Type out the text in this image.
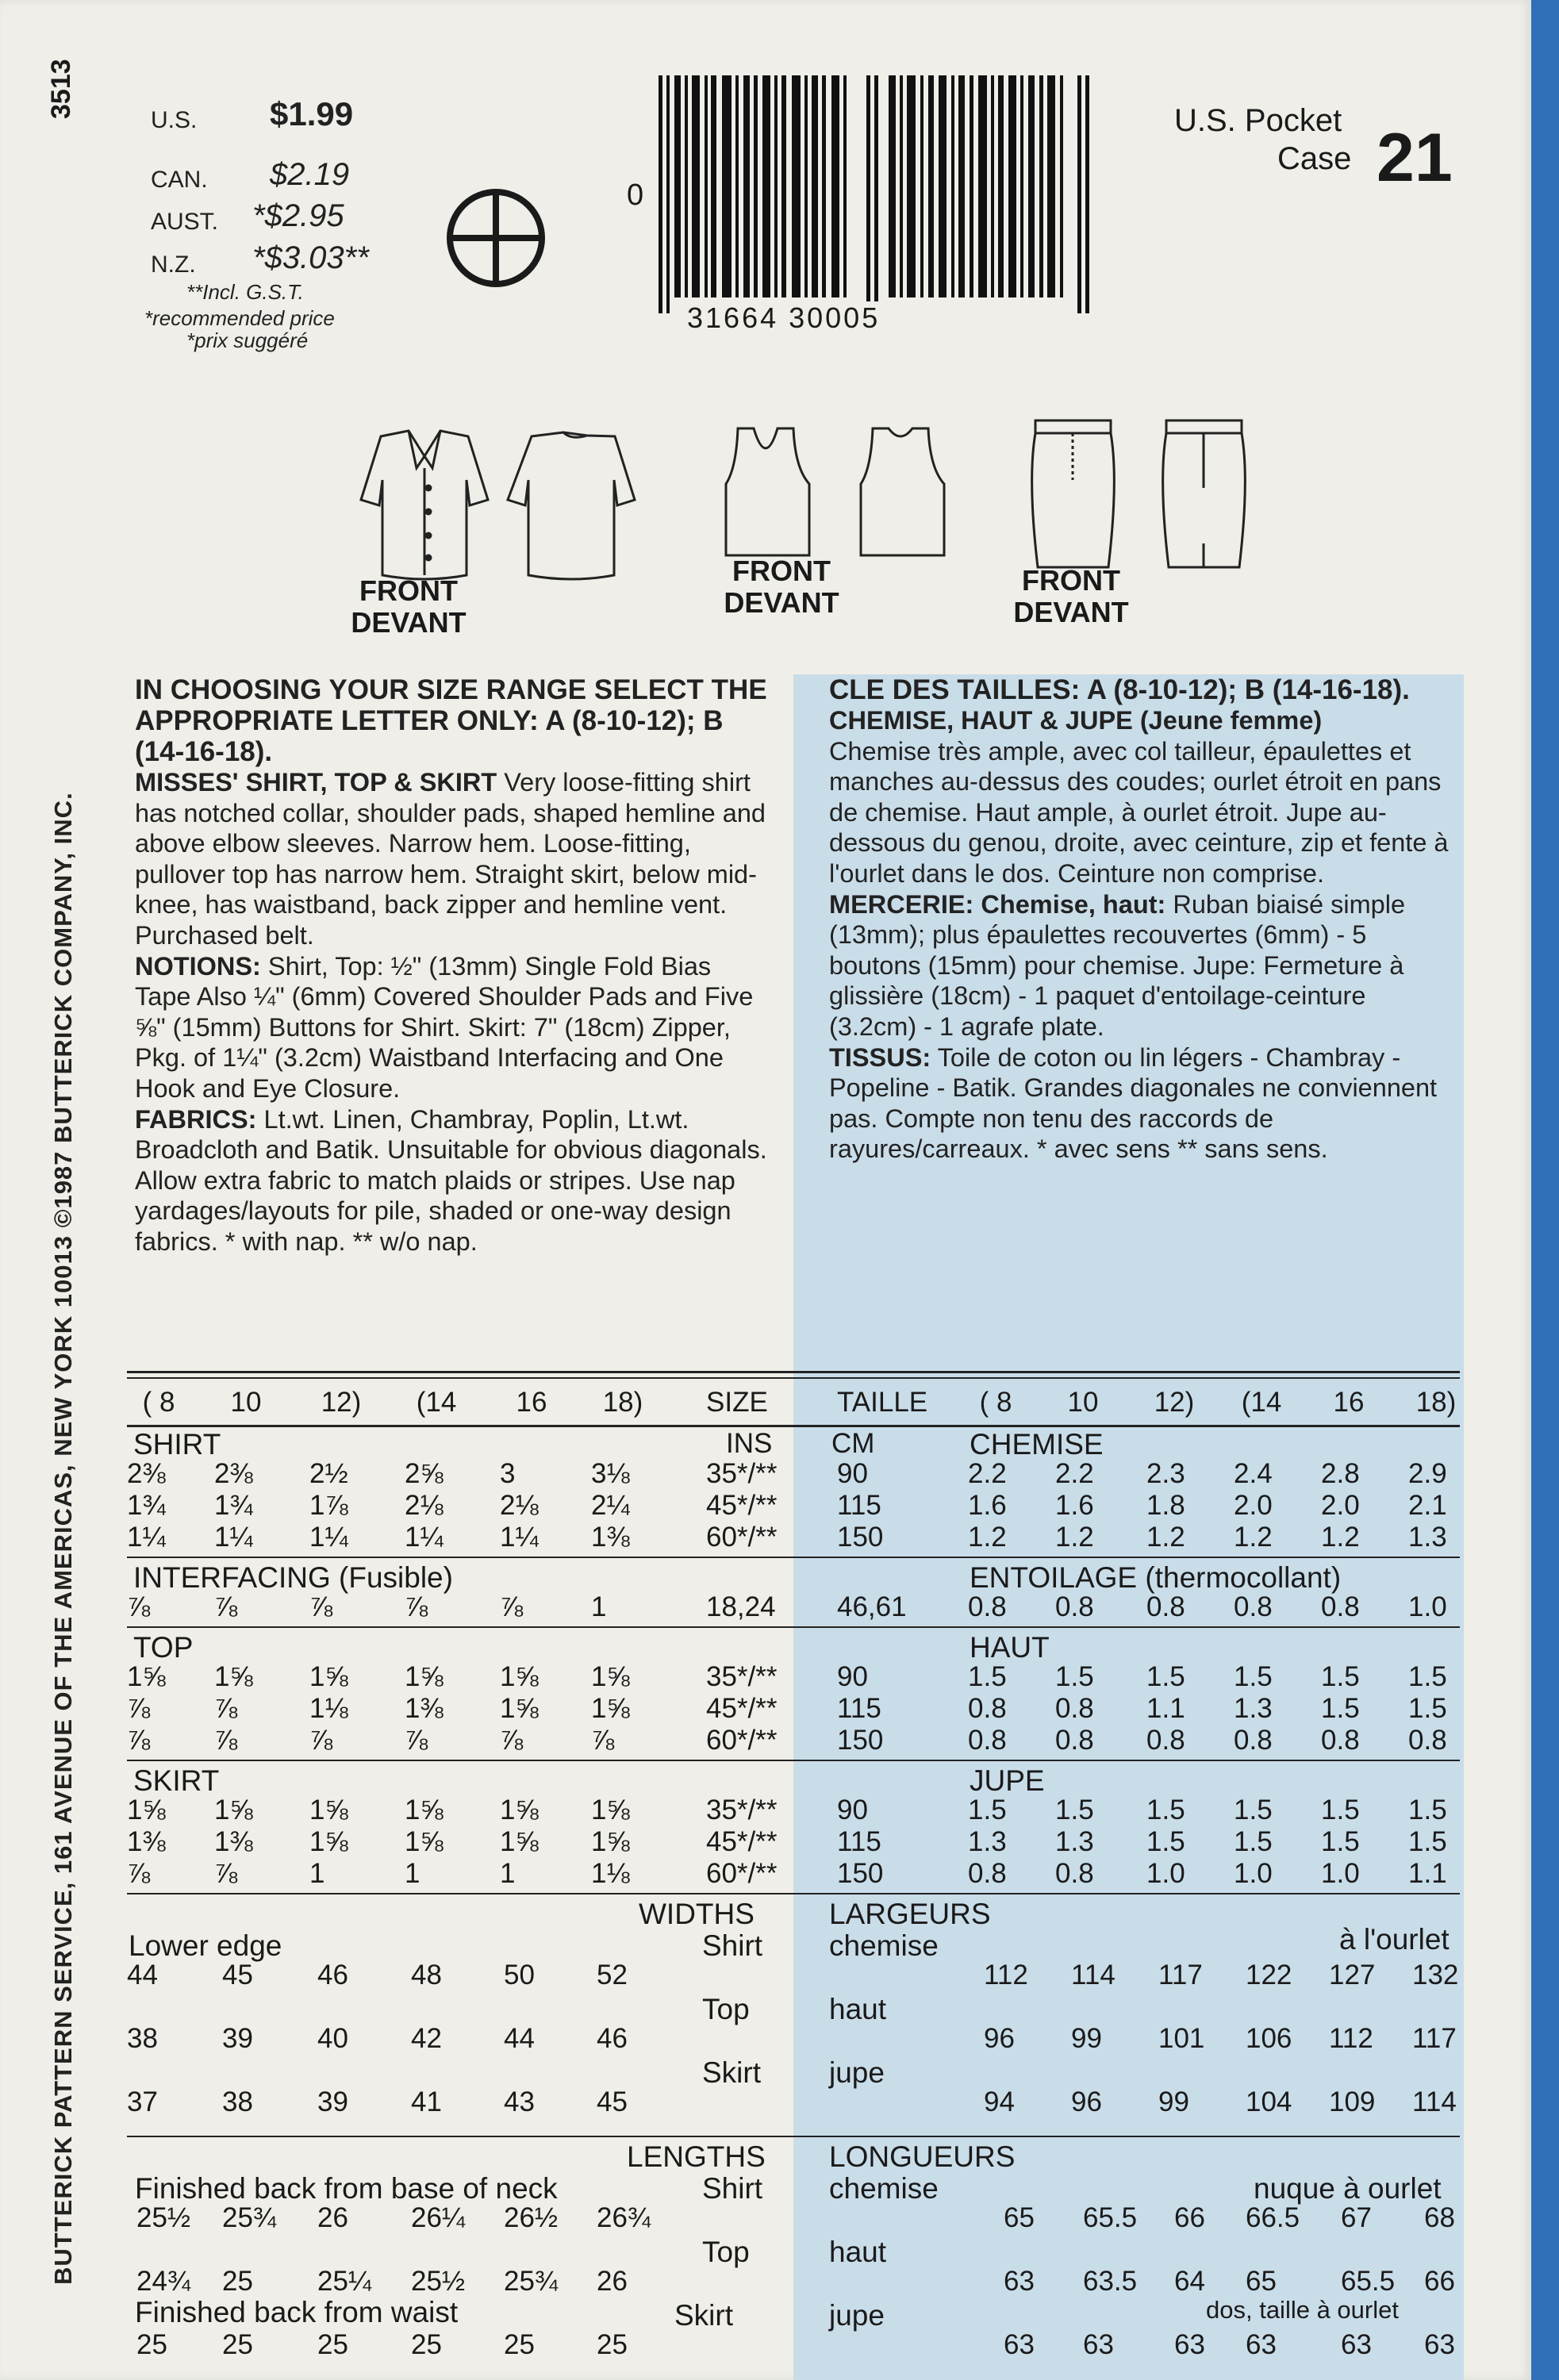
3513
BUTTERICK PATTERN SERVICE, 161 AVENUE OF THE AMERICAS, NEW YORK 10013 ©1987 BUTTERICK COMPANY, INC.
U.S. $1.99
CAN. $2.19
AUST. *$2.95
N.Z. *$3.03**
**Incl. G.S.T.
*recommended price
*prix suggéré
0
31664 30005
U.S. Pocket
Case 21
FRONT
DEVANT
FRONT
DEVANT
FRONT
DEVANT
IN CHOOSING YOUR SIZE RANGE SELECT THE APPROPRIATE LETTER ONLY: A (8-10-12); B (14-16-18).
MISSES' SHIRT, TOP & SKIRT Very loose-fitting shirt has notched collar, shoulder pads, shaped hemline and above elbow sleeves. Narrow hem. Loose-fitting, pullover top has narrow hem. Straight skirt, below mid-knee, has waistband, back zipper and hemline vent. Purchased belt.
NOTIONS: Shirt, Top: ½" (13mm) Single Fold Bias Tape Also ¼" (6mm) Covered Shoulder Pads and Five ⅝" (15mm) Buttons for Shirt. Skirt: 7" (18cm) Zipper, Pkg. of 1¼" (3.2cm) Waistband Interfacing and One Hook and Eye Closure.
FABRICS: Lt.wt. Linen, Chambray, Poplin, Lt.wt. Broadcloth and Batik. Unsuitable for obvious diagonals. Allow extra fabric to match plaids or stripes. Use nap yardages/layouts for pile, shaded or one-way design fabrics. * with nap. ** w/o nap.
CLE DES TAILLES: A (8-10-12); B (14-16-18).
CHEMISE, HAUT & JUPE (Jeune femme)
Chemise très ample, avec col tailleur, épaulettes et manches au-dessus des coudes; ourlet étroit en pans de chemise. Haut ample, à ourlet étroit. Jupe au-dessous du genou, droite, avec ceinture, zip et fente à l'ourlet dans le dos. Ceinture non comprise.
MERCERIE: Chemise, haut: Ruban biaisé simple (13mm); plus épaulettes recouvertes (6mm) - 5 boutons (15mm) pour chemise. Jupe: Fermeture à glissière (18cm) - 1 paquet d'entoilage-ceinture (3.2cm) - 1 agrafe plate.
TISSUS: Toile de coton ou lin légers - Chambray - Popeline - Batik. Grandes diagonales ne conviennent pas. Compte non tenu des raccords de rayures/carreaux. * avec sens ** sans sens.
( 8	10	12)	(14	16	18)	SIZE TAILLE	( 8	10	12)	(14	16	18)
SHIRT	CHEMISE
INS CM
2⅜	2⅜	2½	2⅝	3	3⅛	35*/** 90	2.2 2.2 2.3 2.4 2.8 2.9
1¾	1¾	1⅞	2⅛	2⅛	2¼	45*/** 115	1.6 1.6 1.8 2.0 2.0 2.1
1¼	1¼	1¼	1¼	1¼	1⅜	60*/** 150	1.2 1.2 1.2 1.2 1.2 1.3
INTERFACING (Fusible)	ENTOILAGE (thermocollant)
⅞	⅞	⅞	⅞	⅞	1	18,24 46,61 0.8 0.8 0.8 0.8 0.8 1.0
TOP	HAUT
1⅝	1⅝	1⅝	1⅝	1⅝	1⅝	35*/** 90	1.5 1.5 1.5 1.5 1.5 1.5
⅞	⅞	1⅛	1⅜	1⅝	1⅝	45*/** 115	0.8 0.8 1.1 1.3 1.5 1.5
⅞	⅞	⅞	⅞	⅞	⅞	60*/** 150	0.8 0.8 0.8 0.8 0.8 0.8
SKIRT	JUPE
1⅝	1⅝	1⅝	1⅝	1⅝	1⅝	35*/** 90	1.5 1.5 1.5 1.5 1.5 1.5
1⅜	1⅜	1⅝	1⅝	1⅝	1⅝	45*/** 115	1.3 1.3 1.5 1.5 1.5 1.5
⅞	⅞	1	1	1	1⅛	60*/** 150	0.8 0.8 1.0 1.0 1.0 1.1
WIDTHS	LARGEURS
Lower edge	à l'ourlet
Shirt chemise
44 45 46 48 50 52	112 114 117 122 127 132
Top	haut
38 39 40 42 44 46	96 99 101 106 112 117
Skirt jupe
37 38 39 41 43 45	94 96 99 104 109 114
LENGTHS LONGUEURS
Finished back from base of neck	nuque à ourlet
Shirt chemise
25½ 25¾ 26 26¼ 26½ 26¾	65 65.5 66 66.5 67 68
Top	haut
24¾ 25 25¼ 25½ 25¾ 26	63 63.5 64 65 65.5 66
Skirt	jupe
Finished back from waist	dos, taille à ourlet
25 25 25 25 25 25	63 63 63 63 63 63
